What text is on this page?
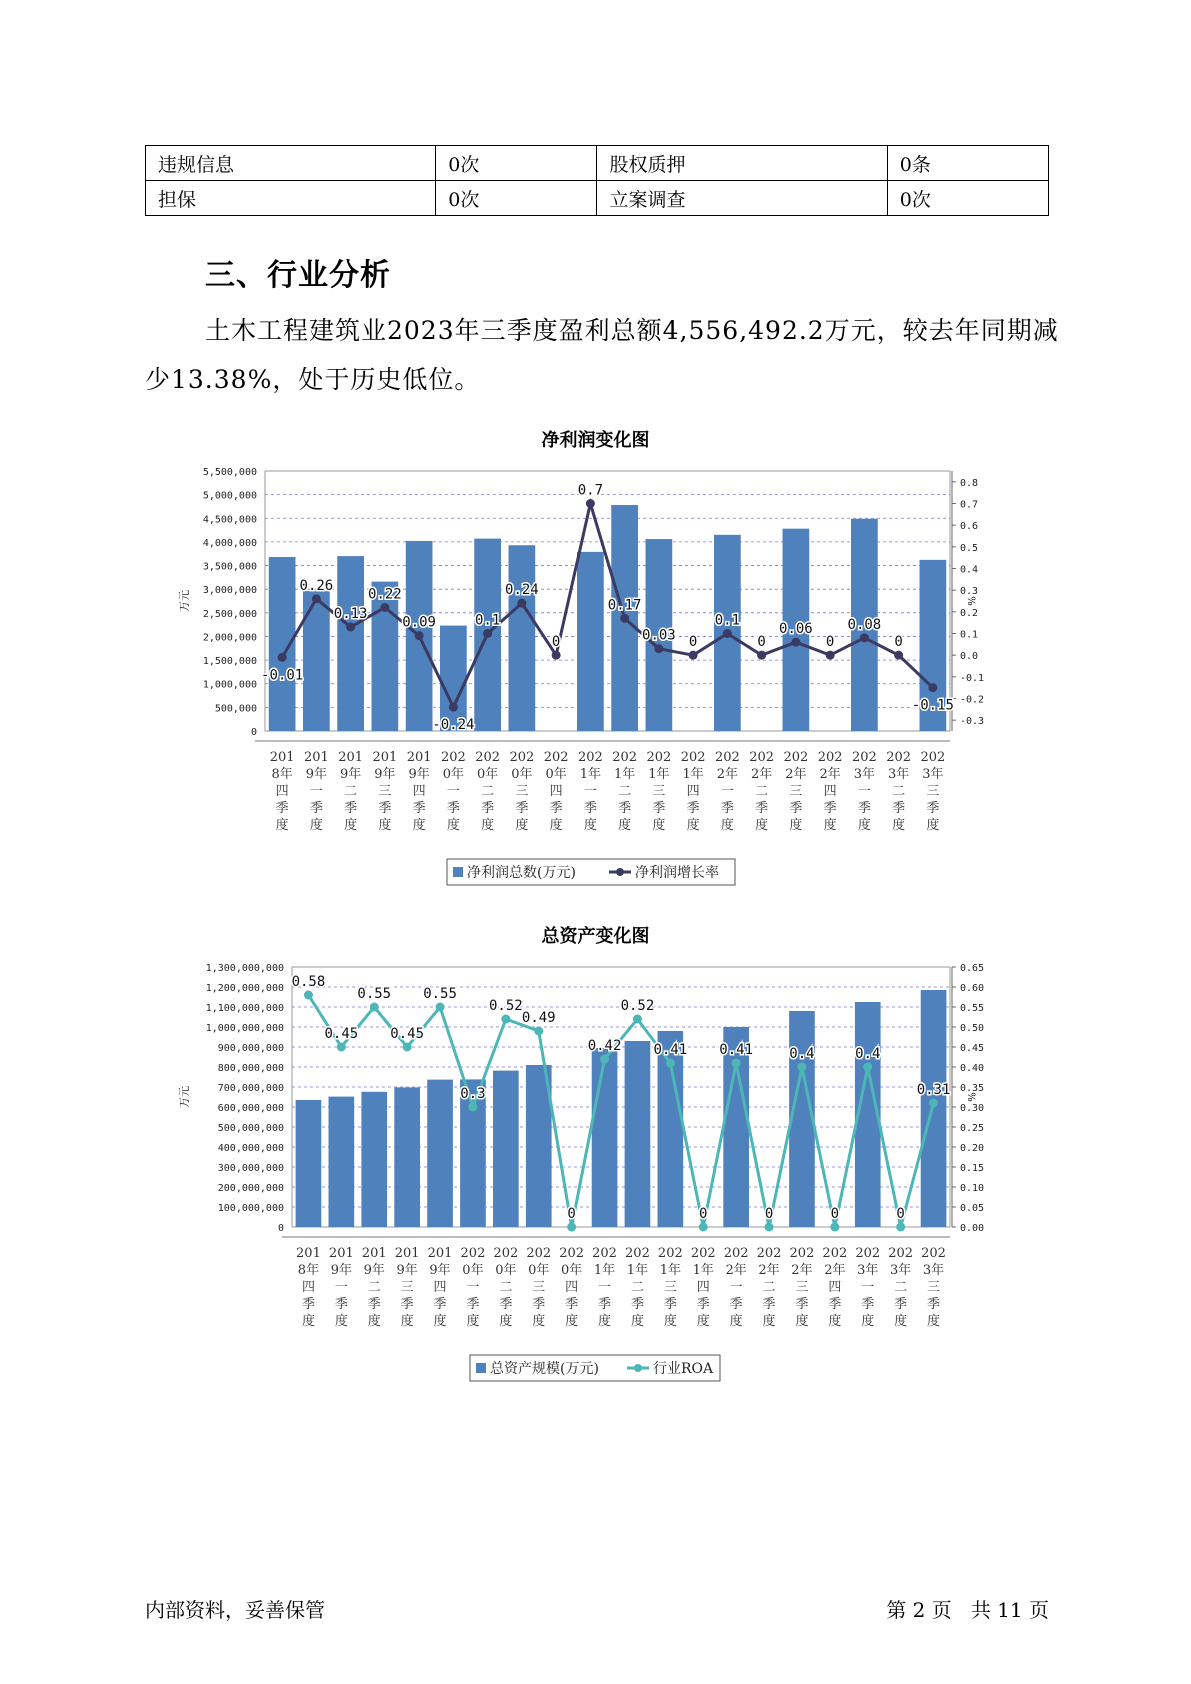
违规信息	0次	股权质押	0条
担保	0次	立案调查	0次
三、行业分析

土木工程建筑业2023年三季度盈利总额4,556,492.2万元，较去年同期减少13.38%，处于历史低位。

净利润变化图
0
500,000
1,000,000
1,500,000
2,000,000
2,500,000
3,000,000
3,500,000
4,000,000
4,500,000
5,000,000
5,500,000
-0.3
-0.2
-0.1
0.0
0.1
0.2
0.3
0.4
0.5
0.6
0.7
0.8
万元	%
-0.01
0.26
0.13
0.22
0.09
-0.24
0.1
0.24
0
0.7
0.17
0.03 0
0.1
0
0.06
0
0.08
0
-0.15
201
8年
四
季
度
201
9年
一
季
度
201
9年
二
季
度
201
9年
三
季
度
201
9年
四
季
度
202
0年
一
季
度
202
0年
二
季
度
202
0年
三
季
度
202
0年
四
季
度
202
1年
一
季
度
202
1年
二
季
度
202
1年
三
季
度
202
1年
四
季
度
202
2年
一
季
度
202
2年
二
季
度
202
2年
三
季
度
202
2年
四
季
度
202
3年
一
季
度
202
3年
二
季
度
202
3年
三
季
度
净利润总数(万元)	净利润增长率
总资产变化图
0
100,000,000
200,000,000
300,000,000
400,000,000
500,000,000
600,000,000
700,000,000
800,000,000
900,000,000
1,000,000,000
1,100,000,000
1,200,000,000
1,300,000,000
0.00
0.05
0.10
0.15
0.20
0.25
0.30
0.35
0.40
0.45
0.50
0.55
0.60
0.65
万元	%
0.58
0.45
0.55
0.45
0.55
0.3
0.52
0.49
0
0.42
0.52
0.41
0
0.41
0
0.4
0
0.4
0
0.31
201
8年
四
季
度
201
9年
一
季
度
201
9年
二
季
度
201
9年
三
季
度
201
9年
四
季
度
202
0年
一
季
度
202
0年
二
季
度
202
0年
三
季
度
202
0年
四
季
度
202
1年
一
季
度
202
1年
二
季
度
202
1年
三
季
度
202
1年
四
季
度
202
2年
一
季
度
202
2年
二
季
度
202
2年
三
季
度
202
2年
四
季
度
202
3年
一
季
度
202
3年
二
季
度
202
3年
三
季
度
总资产规模(万元)	行业ROA
内部资料，妥善保管	第 2 页   共 11 页
